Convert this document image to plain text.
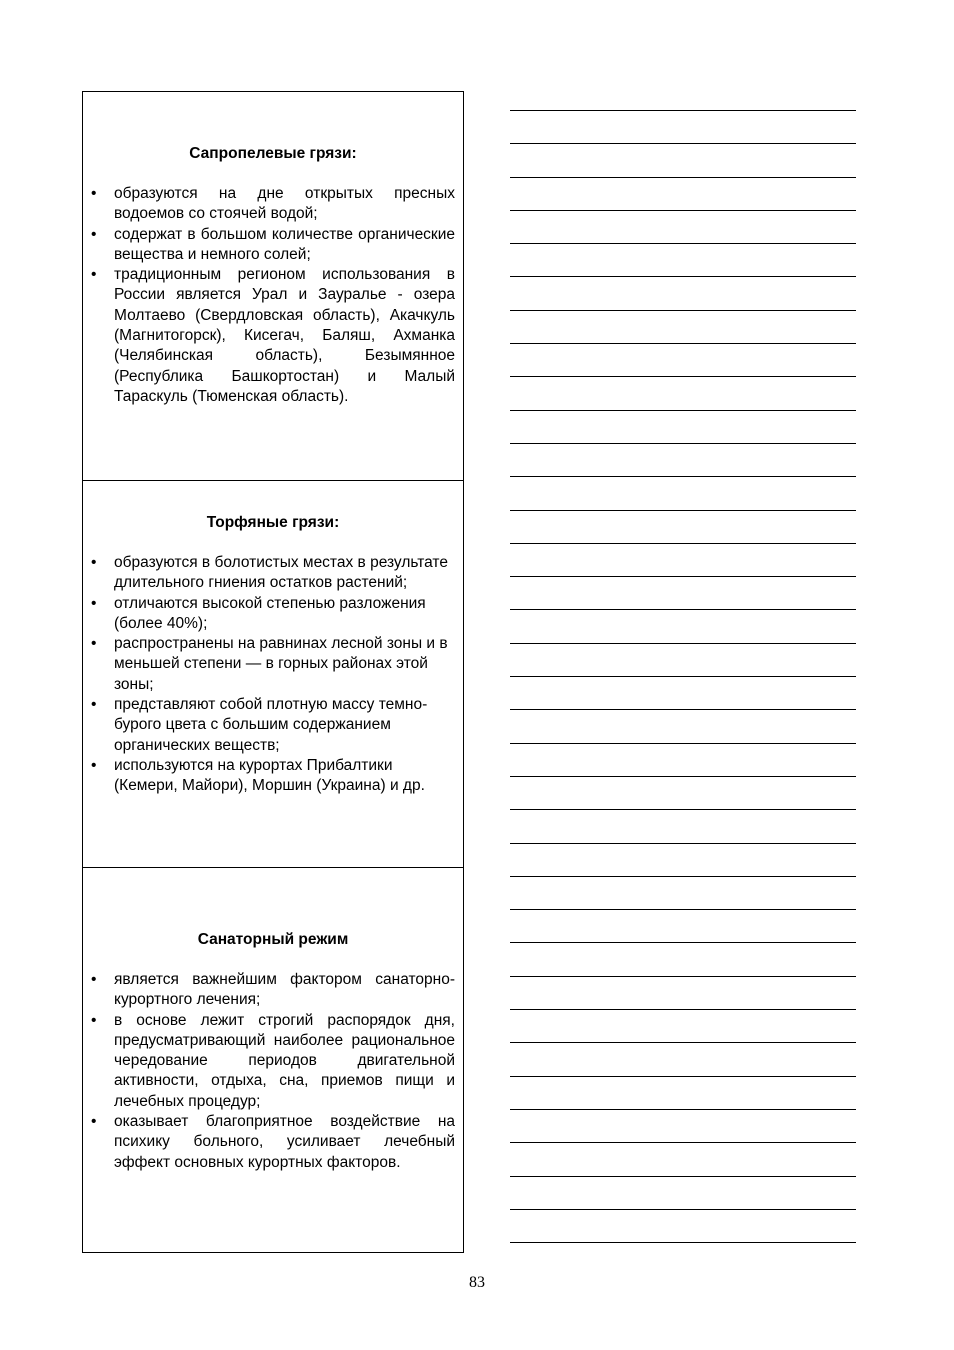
Сапропелевые грязи:
• образуются на дне открытых пресных водоемов со стоячей водой;
• содержат в большом количестве органические вещества и немного солей;
• традиционным регионом использования в России является Урал и Зауралье - озера Молтаево (Свердловская область), Акачкуль (Магнитогорск), Кисегач, Баляш, Ахманка (Челябинская область), Безымянное (Республика Башкортостан) и Малый Тараскуль (Тюменская область).
Торфяные грязи:
• образуются в болотистых местах в результате длительного гниения остатков растений;
• отличаются высокой степенью разложения (более 40%);
• распространены на равнинах лесной зоны и в меньшей степени — в горных районах этой зоны;
• представляют собой плотную массу темно-бурого цвета с большим содержанием органических веществ;
• используются на курортах Прибалтики (Кемери, Майори), Моршин (Украина) и др.
Санаторный режим
• является важнейшим фактором санаторно-курортного лечения;
• в основе лежит строгий распорядок дня, предусматривающий наиболее рациональное чередование периодов двигательной активности, отдыха, сна, приемов пищи и лечебных процедур;
• оказывает благоприятное воздействие на психику больного, усиливает лечебный эффект основных курортных факторов.
83
